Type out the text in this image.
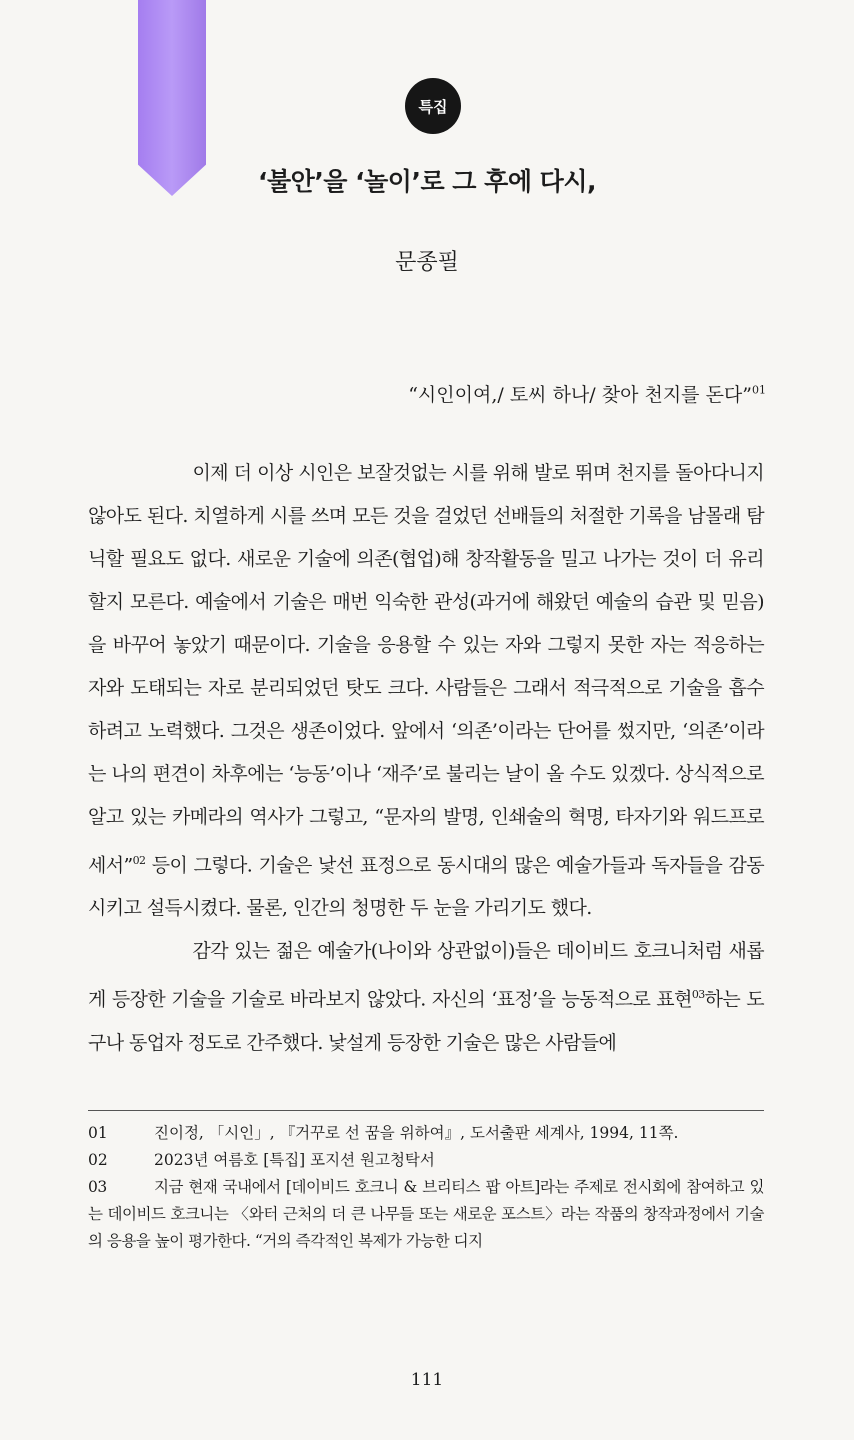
특집
‘불안’을 ‘놀이’로 그 후에 다시,
문종필
“시인이여,/ 토씨 하나/ 찾아 천지를 돈다”$^{01}$

이제 더 이상 시인은 보잘것없는 시를 위해 발로 뛰며 천지를 돌아다니지 않아도 된다. 치열하게 시를 쓰며 모든 것을 걸었던 선배들의 처절한 기록을 남몰래 탐닉할 필요도 없다. 새로운 기술에 의존(협업)해 창작활동을 밀고 나가는 것이 더 유리할지 모른다. 예술에서 기술은 매번 익숙한 관성(과거에 해왔던 예술의 습관 및 믿음)을 바꾸어 놓았기 때문이다. 기술을 응용할 수 있는 자와 그렇지 못한 자는 적응하는 자와 도태되는 자로 분리되었던 탓도 크다. 사람들은 그래서 적극적으로 기술을 흡수하려고 노력했다. 그것은 생존이었다. 앞에서 ‘의존’이라는 단어를 썼지만, ‘의존’이라는 나의 편견이 차후에는 ‘능동’이나 ‘재주’로 불리는 날이 올 수도 있겠다. 상식적으로 알고 있는 카메라의 역사가 그렇고, “문자의 발명, 인쇄술의 혁명, 타자기와 워드프로세서”$^{02}$ 등이 그렇다. 기술은 낯선 표정으로 동시대의 많은 예술가들과 독자들을 감동시키고 설득시켰다. 물론, 인간의 청명한 두 눈을 가리기도 했다.

감각 있는 젊은 예술가(나이와 상관없이)들은 데이비드 호크니처럼 새롭게 등장한 기술을 기술로 바라보지 않았다. 자신의 ‘표정’을 능동적으로 표현$^{03}$하는 도구나 동업자 정도로 간주했다. 낯설게 등장한 기술은 많은 사람들에

01	진이정, 「시인」, 『거꾸로 선 꿈을 위하여』, 도서출판 세계사, 1994, 11쪽.
02	2023년 여름호 [특집] 포지션 원고청탁서
03	지금 현재 국내에서 [데이비드 호크니 & 브리티스 팝 아트]라는 주제로 전시회에 참여하고 있는 데이비드 호크니는 〈와터 근처의 더 큰 나무들 또는 새로운 포스트〉라는 작품의 창작과정에서 기술의 응용을 높이 평가한다. “거의 즉각적인 복제가 가능한 디지
111
